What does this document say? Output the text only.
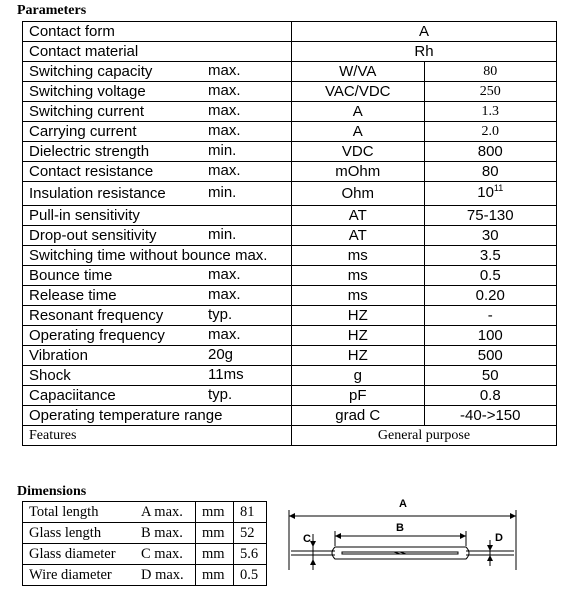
Parameters
Contact form	A	
Contact material	Rh	
Switching capacity max.	W/VA	80
Switching voltage max.	VAC/VDC	250
Switching current max.	A	1.3
Carrying current max.	A	2.0
Dielectric strength min.	VDC	800
Contact resistance max.	mOhm	80
Insulation resistance min.	Ohm	$10^{11}$
Pull-in sensitivity	AT	75-130
Drop-out sensitivity min.	AT	30
Switching time without bounce max.	ms	3.5
Bounce time max.	ms	0.5
Release time max.	ms	0.20
Resonant frequency typ.	HZ	-
Operating frequency max.	HZ	100
Vibration 20g	HZ	500
Shock 11ms	g	50
Capaciitance typ.	pF	0.8
Operating temperature range	grad C	-40->150
Features	General purpose	
Dimensions
Total length A max.	mm	81
Glass length B max.	mm	52
Glass diameter C max.	mm	5.6
Wire diameter D max.	mm	0.5
A
B
C	D
